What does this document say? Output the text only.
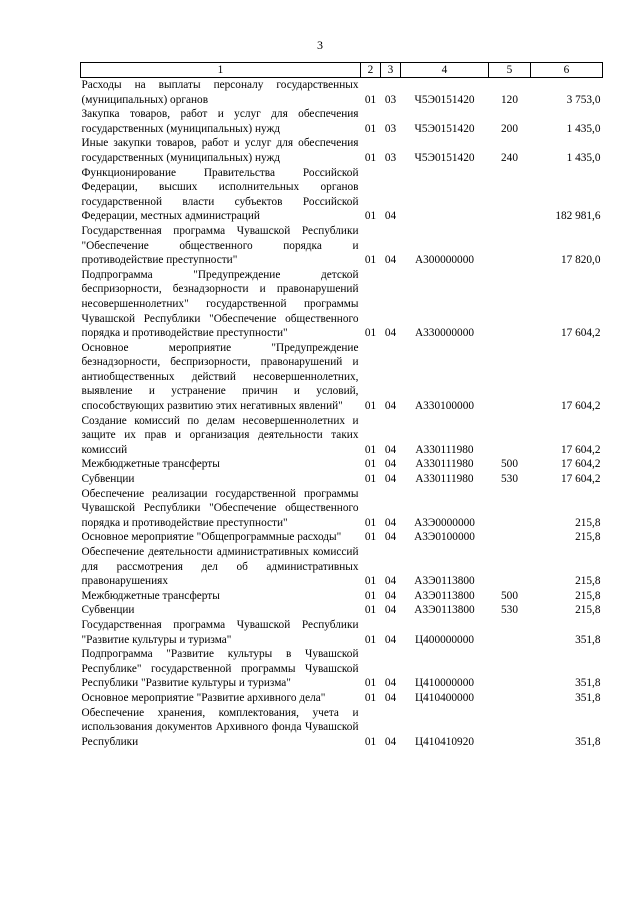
3
1	2	3	4	5	6
Расходы на выплаты персоналу государственных (муниципальных) органов	01	03	Ч5Э0151420	120	3 753,0
Закупка товаров, работ и услуг для обеспечения государственных (муниципальных) нужд	01	03	Ч5Э0151420	200	1 435,0
Иные закупки товаров, работ и услуг для обеспечения государственных (муниципальных) нужд	01	03	Ч5Э0151420	240	1 435,0
Функционирование Правительства Российской Федерации, высших исполнительных органов государственной власти субъектов Российской Федерации, местных администраций	01	04			182 981,6
Государственная программа Чувашской Республики "Обеспечение общественного порядка и противодействие преступности"	01	04	А300000000		17 820,0
Подпрограмма "Предупреждение детской беспризорности, безнадзорности и правонарушений несовершеннолетних" государственной программы Чувашской Республики "Обеспечение общественного порядка и противодействие преступности"	01	04	А330000000		17 604,2
Основное мероприятие "Предупреждение безнадзорности, беспризорности, правонарушений и антиобщественных действий несовершеннолетних, выявление и устранение причин и условий, способствующих развитию этих негативных явлений"	01	04	А330100000		17 604,2
Создание комиссий по делам несовершеннолетних и защите их прав и организация деятельности таких комиссий	01	04	А330111980		17 604,2
Межбюджетные трансферты	01	04	А330111980	500	17 604,2
Субвенции	01	04	А330111980	530	17 604,2
Обеспечение реализации государственной программы Чувашской Республики "Обеспечение общественного порядка и противодействие преступности"	01	04	А3Э0000000		215,8
Основное мероприятие "Общепрограммные расходы"	01	04	А3Э0100000		215,8
Обеспечение деятельности административных комиссий для рассмотрения дел об административных правонарушениях	01	04	А3Э0113800		215,8
Межбюджетные трансферты	01	04	А3Э0113800	500	215,8
Субвенции	01	04	А3Э0113800	530	215,8
Государственная программа Чувашской Республики "Развитие культуры и туризма"	01	04	Ц400000000		351,8
Подпрограмма "Развитие культуры в Чувашской Республике" государственной программы Чувашской Республики "Развитие культуры и туризма"	01	04	Ц410000000		351,8
Основное мероприятие "Развитие архивного дела"	01	04	Ц410400000		351,8
Обеспечение хранения, комплектования, учета и использования документов Архивного фонда Чувашской Республики	01	04	Ц410410920		351,8
